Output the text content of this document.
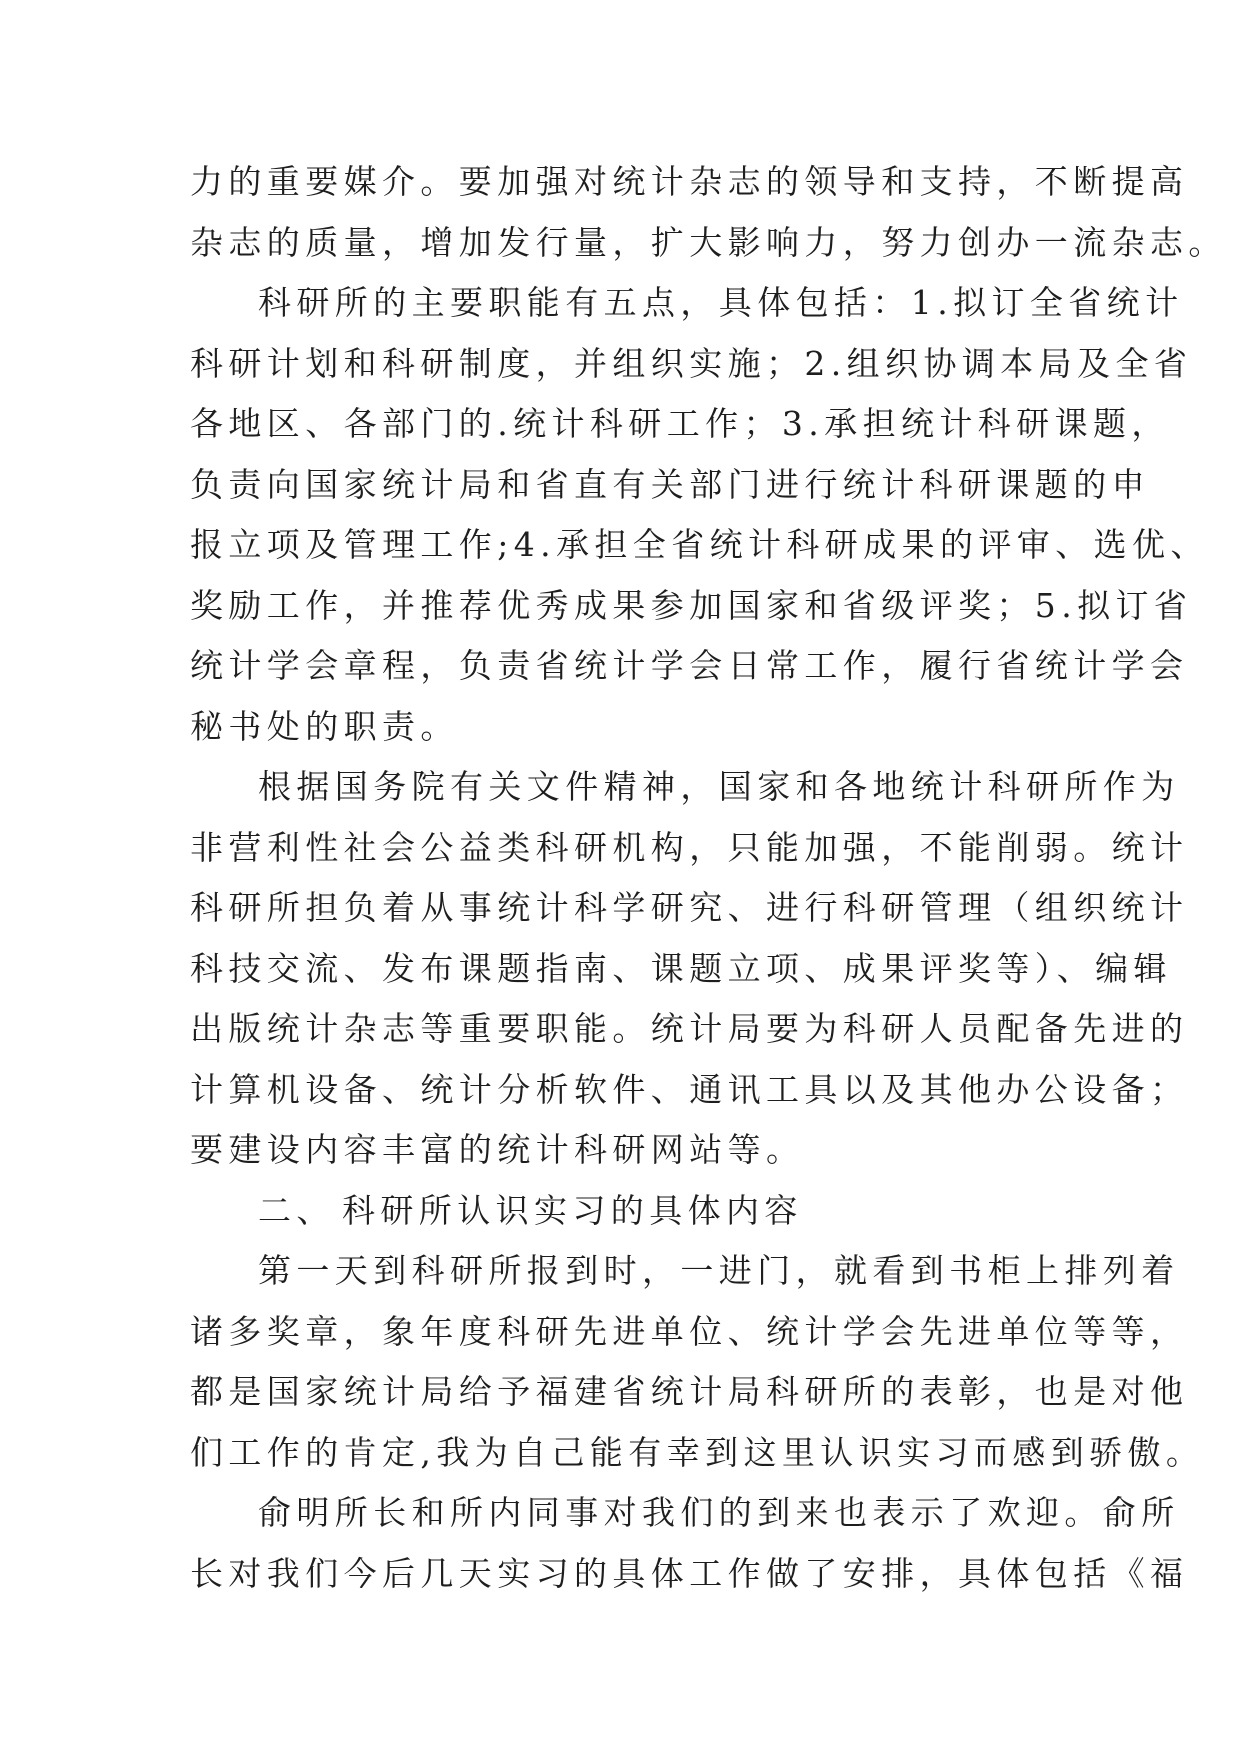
力的重要媒介。要加强对统计杂志的领导和支持，不断提高
杂志的质量，增加发行量，扩大影响力，努力创办一流杂志。
科研所的主要职能有五点，具体包括：1.拟订全省统计
科研计划和科研制度，并组织实施；2.组织协调本局及全省
各地区、各部门的.统计科研工作；3.承担统计科研课题，
负责向国家统计局和省直有关部门进行统计科研课题的申
报立项及管理工作;4.承担全省统计科研成果的评审、选优、
奖励工作，并推荐优秀成果参加国家和省级评奖；5.拟订省
统计学会章程，负责省统计学会日常工作，履行省统计学会
秘书处的职责。
根据国务院有关文件精神，国家和各地统计科研所作为
非营利性社会公益类科研机构，只能加强，不能削弱。统计
科研所担负着从事统计科学研究、进行科研管理（组织统计
科技交流、发布课题指南、课题立项、成果评奖等）、编辑
出版统计杂志等重要职能。统计局要为科研人员配备先进的
计算机设备、统计分析软件、通讯工具以及其他办公设备；
要建设内容丰富的统计科研网站等。
二、 科研所认识实习的具体内容
第一天到科研所报到时，一进门，就看到书柜上排列着
诸多奖章，象年度科研先进单位、统计学会先进单位等等，
都是国家统计局给予福建省统计局科研所的表彰，也是对他
们工作的肯定,我为自己能有幸到这里认识实习而感到骄傲。
俞明所长和所内同事对我们的到来也表示了欢迎。俞所
长对我们今后几天实习的具体工作做了安排，具体包括《福
